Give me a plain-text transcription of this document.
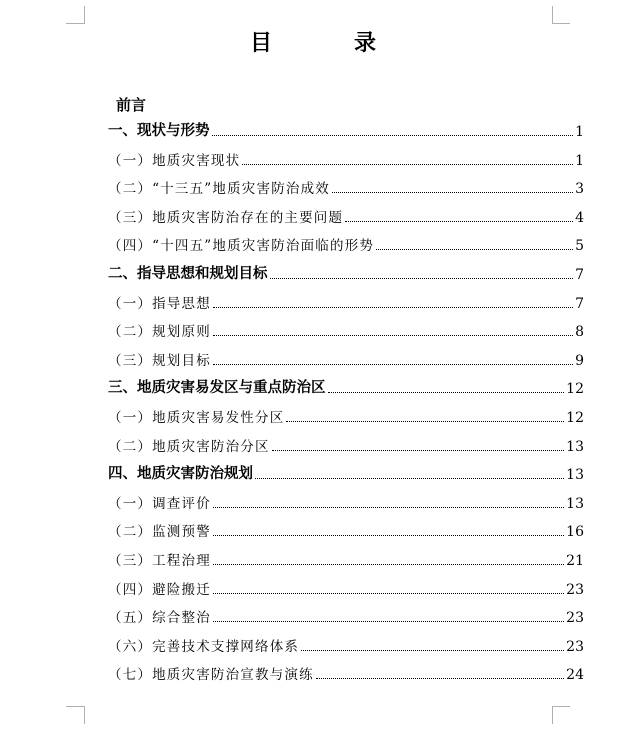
目　录
前言
一、现状与形势	1
（一）地质灾害现状	1
（二）“十三五”地质灾害防治成效	3
（三）地质灾害防治存在的主要问题	4
（四）“十四五”地质灾害防治面临的形势	5
二、指导思想和规划目标	7
（一）指导思想	7
（二）规划原则	8
（三）规划目标	9
三、地质灾害易发区与重点防治区	12
（一）地质灾害易发性分区	12
（二）地质灾害防治分区	13
四、地质灾害防治规划	13
（一）调查评价	13
（二）监测预警	16
（三）工程治理	21
（四）避险搬迁	23
（五）综合整治	23
（六）完善技术支撑网络体系	23
（七）地质灾害防治宣教与演练	24
